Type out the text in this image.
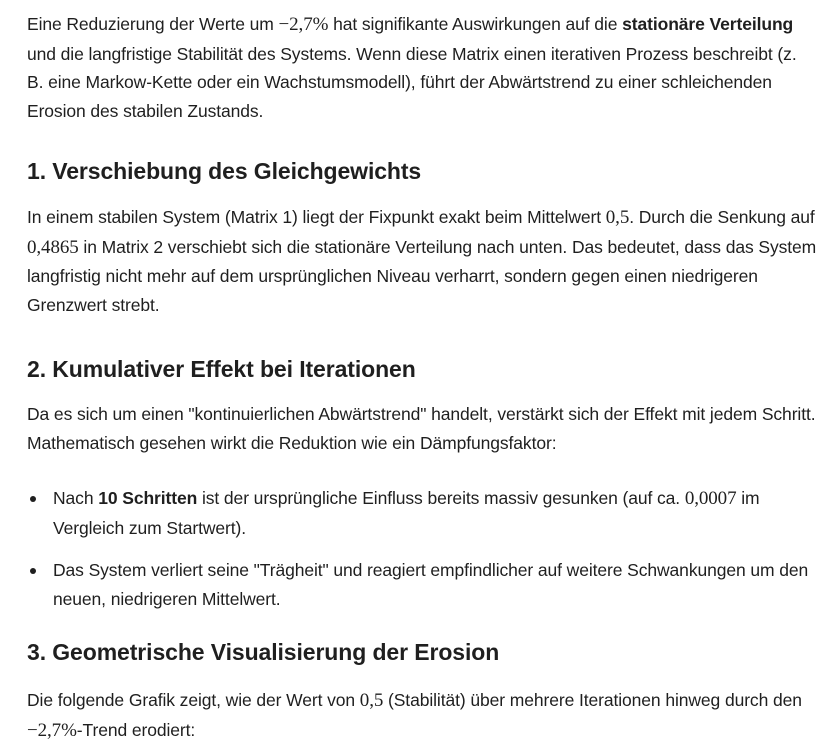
Eine Reduzierung der Werte um −2,7% hat signifikante Auswirkungen auf die stationäre Verteilung und die langfristige Stabilität des Systems. Wenn diese Matrix einen iterativen Prozess beschreibt (z. B. eine Markow-Kette oder ein Wachstumsmodell), führt der Abwärtstrend zu einer schleichenden Erosion des stabilen Zustands.

1. Verschiebung des Gleichgewichts

In einem stabilen System (Matrix 1) liegt der Fixpunkt exakt beim Mittelwert 0,5. Durch die Senkung auf 0,4865 in Matrix 2 verschiebt sich die stationäre Verteilung nach unten. Das bedeutet, dass das System langfristig nicht mehr auf dem ursprünglichen Niveau verharrt, sondern gegen einen niedrigeren Grenzwert strebt.

2. Kumulativer Effekt bei Iterationen

Da es sich um einen "kontinuierlichen Abwärtstrend" handelt, verstärkt sich der Effekt mit jedem Schritt. Mathematisch gesehen wirkt die Reduktion wie ein Dämpfungsfaktor:

Nach 10 Schritten ist der ursprüngliche Einfluss bereits massiv gesunken (auf ca. 0,0007 im Vergleich zum Startwert).
Das System verliert seine "Trägheit" und reagiert empfindlicher auf weitere Schwankungen um den neuen, niedrigeren Mittelwert.
3. Geometrische Visualisierung der Erosion

Die folgende Grafik zeigt, wie der Wert von 0,5 (Stabilität) über mehrere Iterationen hinweg durch den −2,7%-Trend erodiert:
